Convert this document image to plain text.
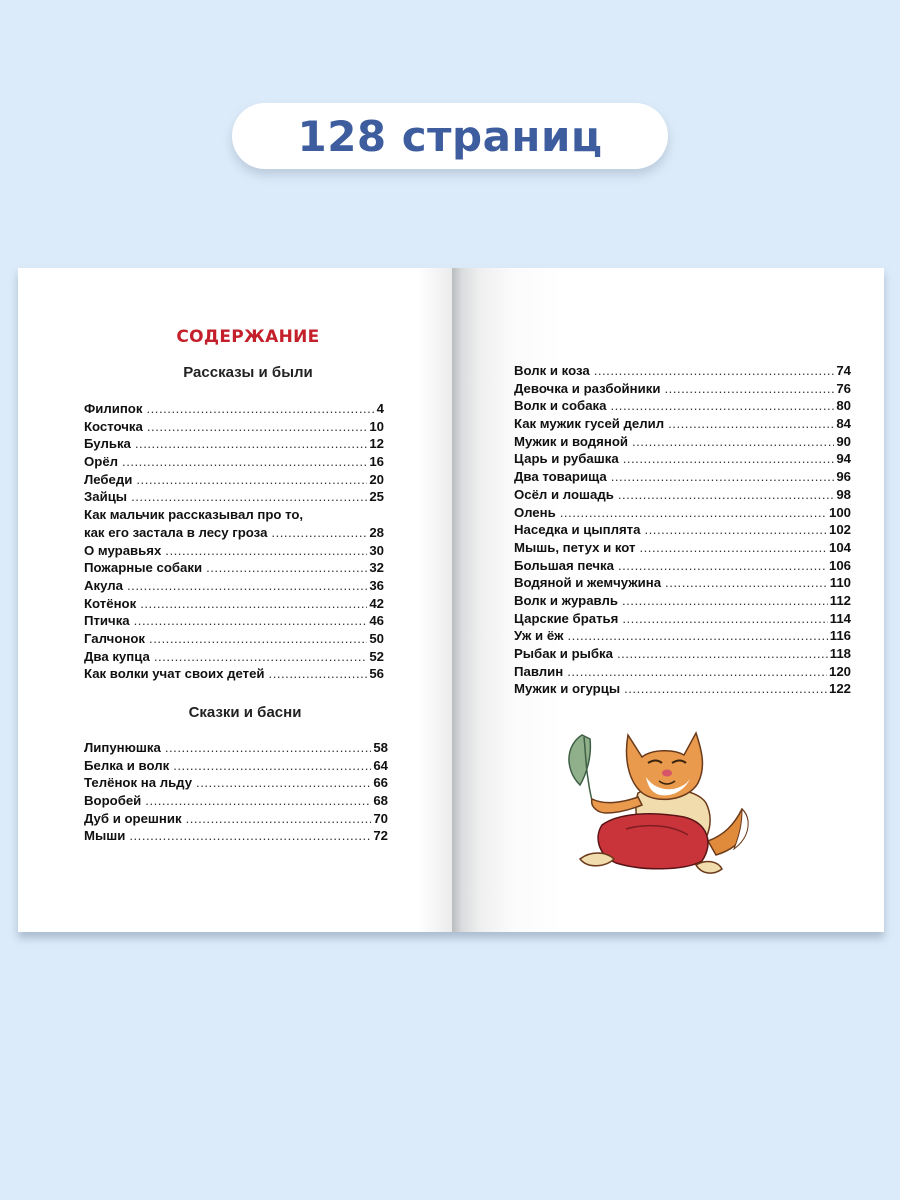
128 страниц
СОДЕРЖАНИЕ
Рассказы и были
Филипок .....	4
Косточка .....	10
Булька .....	12
Орёл .....	16
Лебеди .....	20
Зайцы .....	25
Как мальчик рассказывал про то,
как его застала в лесу гроза .....	28
О муравьях .....	30
Пожарные собаки .....	32
Акула .....	36
Котёнок .....	42
Птичка .....	46
Галчонок .....	50
Два купца .....	52
Как волки учат своих детей .....	56
Сказки и басни
Липунюшка .....	58
Белка и волк .....	64
Телёнок на льду .....	66
Воробей .....	68
Дуб и орешник .....	70
Мыши .....	72
Волк и коза .....	74
Девочка и разбойники .....	76
Волк и собака .....	80
Как мужик гусей делил .....	84
Мужик и водяной .....	90
Царь и рубашка .....	94
Два товарища .....	96
Осёл и лошадь .....	98
Олень .....	100
Наседка и цыплята .....	102
Мышь, петух и кот .....	104
Большая печка .....	106
Водяной и жемчужина .....	110
Волк и журавль .....	112
Царские братья .....	114
Уж и ёж .....	116
Рыбак и рыбка .....	118
Павлин .....	120
Мужик и огурцы .....	122
